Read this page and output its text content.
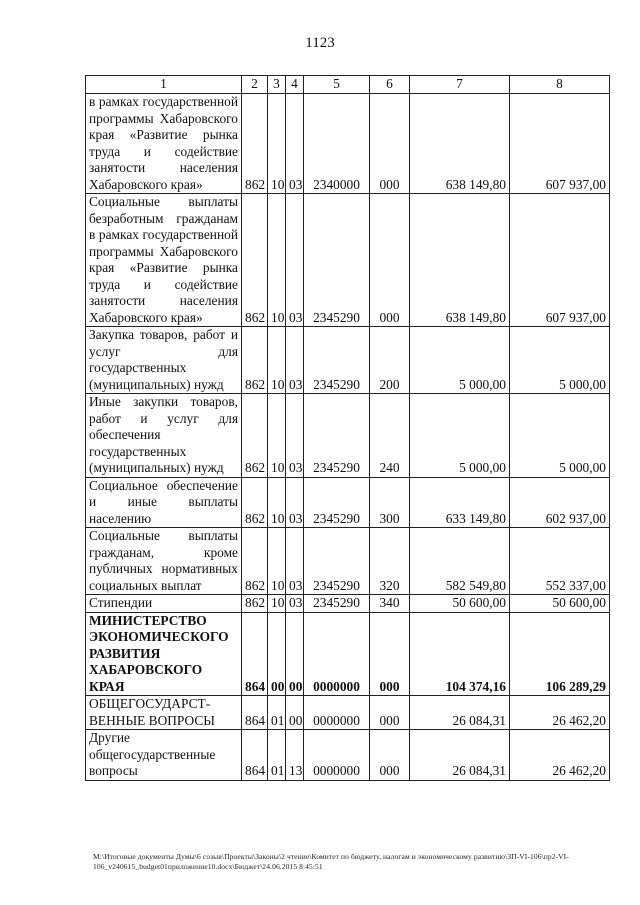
1123
1	2	3	4	5	6	7	8
в рамках государственной программы Хабаровского края «Развитие рынка труда и содействие занятости населения Хабаровского края»	862	10	03	2340000	000	638 149,80	607 937,00
Социальные выплаты безработным гражданам в рамках государственной программы Хабаровского края «Развитие рынка труда и содействие занятости населения Хабаровского края»	862	10	03	2345290	000	638 149,80	607 937,00
Закупка товаров, работ и услуг для государственных (муниципальных) нужд	862	10	03	2345290	200	5 000,00	5 000,00
Иные закупки товаров, работ и услуг для обеспечения государственных (муниципальных) нужд	862	10	03	2345290	240	5 000,00	5 000,00
Социальное обеспечение и иные выплаты населению	862	10	03	2345290	300	633 149,80	602 937,00
Социальные выплаты гражданам, кроме публичных нормативных социальных выплат	862	10	03	2345290	320	582 549,80	552 337,00
Стипендии	862	10	03	2345290	340	50 600,00	50 600,00
МИНИСТЕРСТВО ЭКОНОМИЧЕСКОГО РАЗВИТИЯ ХАБАРОВСКОГО КРАЯ	864	00	00	0000000	000	104 374,16	106 289,29
ОБЩЕГОСУДАРСТ-ВЕННЫЕ ВОПРОСЫ	864	01	00	0000000	000	26 084,31	26 462,20
Другие общегосударственные вопросы	864	01	13	0000000	000	26 084,31	26 462,20
М:\Итоговые документы Думы\6 созыв\Проекты\Законы\2 чтение\Комитет по бюджету, налогам и экономическому развитию\ЗП-VI-106\пр2-VI-106_v240615_budget01приложение10.docx\Бюджет\24.06.2015 8:45:51
